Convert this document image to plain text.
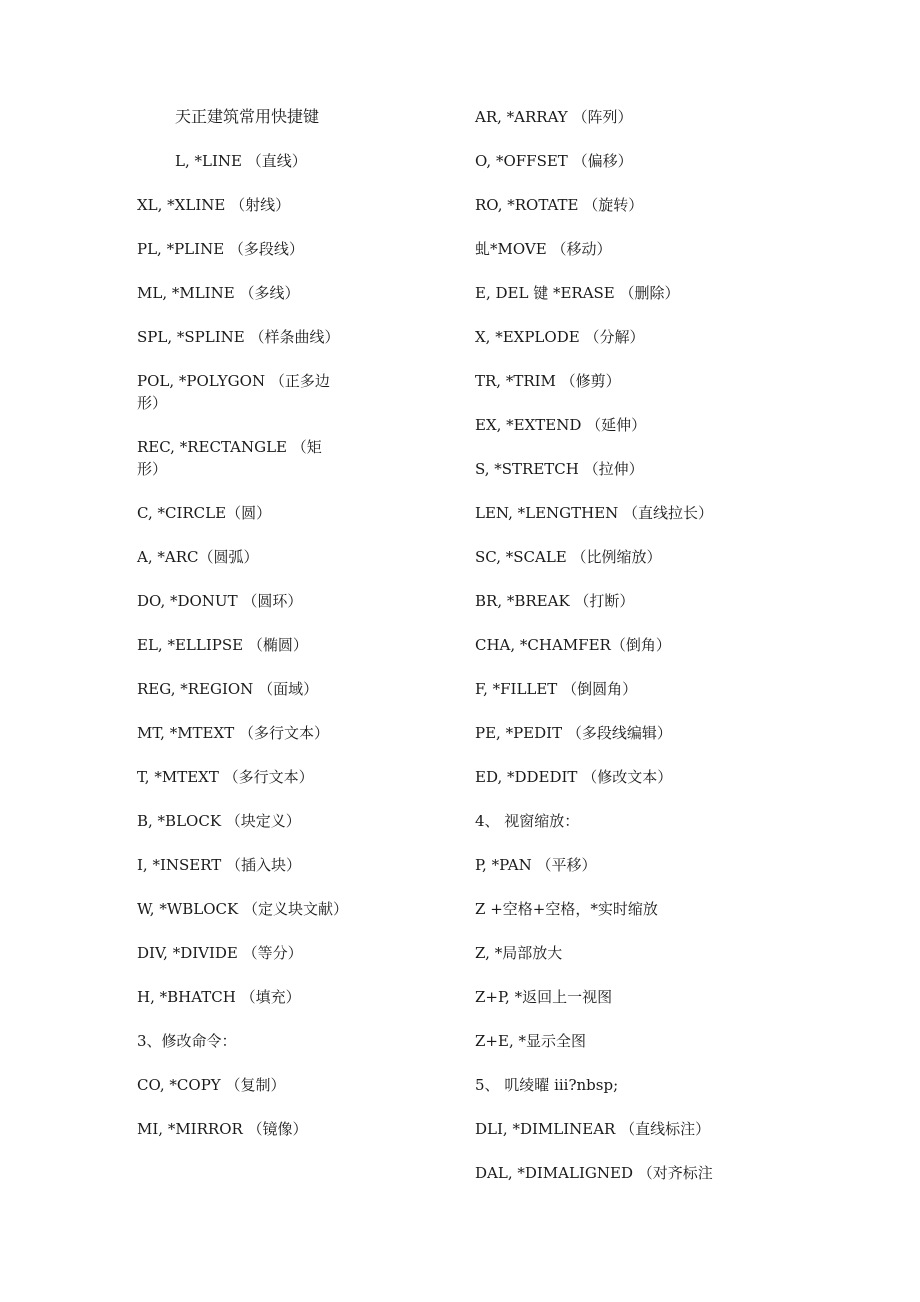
天正建筑常用快捷键
L, *LINE （直线）
XL, *XLINE （射线）
PL, *PLINE （多段线）
ML, *MLINE （多线）
SPL, *SPLINE （样条曲线）
POL, *POLYGON （正多边形）
REC, *RECTANGLE （矩形）
C, *CIRCLE（圆）
A, *ARC（圆弧）
DO, *DONUT （圆环）
EL, *ELLIPSE （椭圆）
REG, *REGION （面域）
MT, *MTEXT （多行文本）
T, *MTEXT （多行文本）
B, *BLOCK （块定义）
I, *INSERT （插入块）
W, *WBLOCK （定义块文献）
DIV, *DIVIDE （等分）
H, *BHATCH （填充）
3、修改命令：
CO, *COPY （复制）
MI, *MIRROR （镜像）
AR, *ARRAY （阵列）
O, *OFFSET （偏移）
RO, *ROTATE （旋转）
虬*MOVE （移动）
E, DEL 键 *ERASE （删除）
X, *EXPLODE （分解）
TR, *TRIM （修剪）
EX, *EXTEND （延伸）
S, *STRETCH （拉伸）
LEN, *LENGTHEN （直线拉长）
SC, *SCALE （比例缩放）
BR, *BREAK （打断）
CHA, *CHAMFER（倒角）
F, *FILLET （倒圆角）
PE, *PEDIT （多段线编辑）
ED, *DDEDIT （修改文本）
4、 视窗缩放：
P, *PAN （平移）
Z +空格+空格，*实时缩放
Z, *局部放大
Z+P, *返回上一视图
Z+E, *显示全图
5、 叽绫曜 iii?nbsp;
DLI, *DIMLINEAR （直线标注）
DAL, *DIMALIGNED （对齐标注
